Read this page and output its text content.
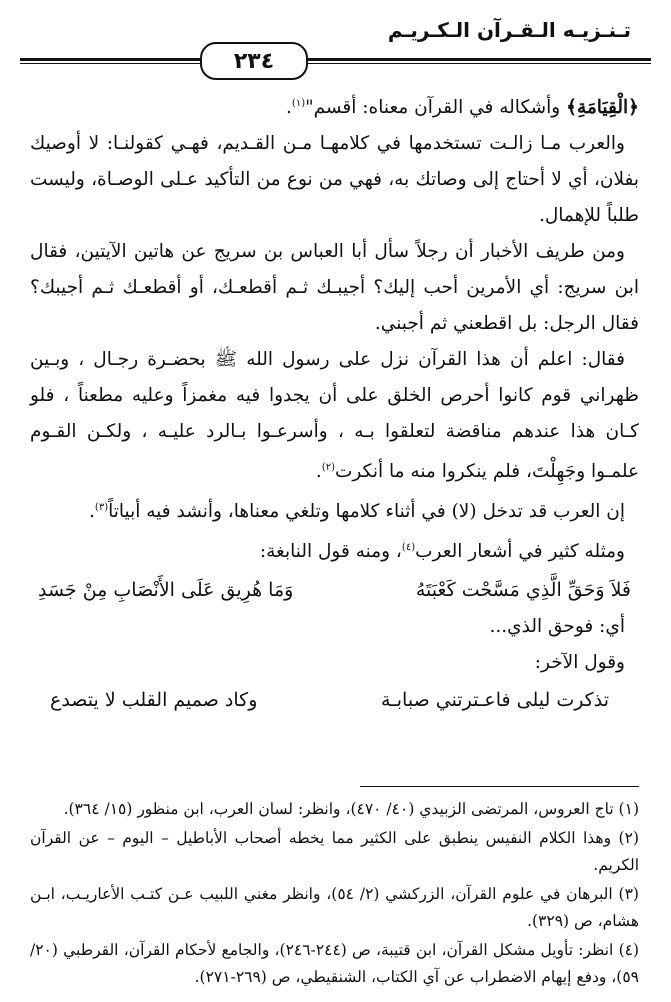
تـنـزيـه الـقـرآن الـكـريـم
٢٣٤

﴿الْقِيَامَةِ﴾ وأشكاله في القرآن معناه: أقسم"$^{(١)}$.

والعرب مـا زالـت تستخدمها في كلامهـا مـن القـديم، فهـي كقولنـا: لا أوصيك بفلان، أي لا أحتاج إلى وصاتك به، فهي من نوع من التأكيد عـلى الوصـاة، وليست طلباً للإهمال.

ومن طريف الأخبار أن رجلاً سأل أبا العباس بن سريج عن هاتين الآيتين، فقال ابن سريج: أي الأمرين أحب إليك؟ أجيبـك ثـم أقطعـك، أو أقطعـك ثـم أجيبك؟ فقال الرجل: بل اقطعني ثم أجبني.

فقال: اعلم أن هذا القرآن نزل على رسول الله ﷺ بحضـرة رجـال ، وبـين ظهراني قوم كانوا أحرص الخلق على أن يجدوا فيه مغمزاً وعليه مطعناً ، فلو كـان هذا عندهم مناقضة لتعلقوا بـه ، وأسرعـوا بـالرد عليـه ، ولكـن القـوم علمـوا وجَهِلْتَ، فلم ينكروا منه ما أنكرت$^{(٢)}$.

إن العرب قد تدخل (لا) في أثناء كلامها وتلغي معناها، وأنشد فيه أبياتاً$^{(٣)}$.

ومثله كثير في أشعار العرب$^{(٤)}$، ومنه قول النابغة:

فَلاَ وَحَقِّ الَّذِي مَسَّحْت كَعْبَتَهُ
وَمَا هُرِيق عَلَى الأَنْصَابِ مِنْ جَسَدِ

أي: فوحق الذي...

وقول الآخر:

تذكرت ليلى فاعـترتني صبابـة
وكاد صميم القلب لا يتصدع

(١) تاج العروس، المرتضى الزبيدي (٤٠/ ٤٧٠)، وانظر: لسان العرب، ابن منظور (١٥/ ٣٦٤).

(٢) وهذا الكلام النفيس ينطبق على الكثير مما يخطه أصحاب الأباطيل – اليوم – عن القرآن الكريم.

(٣) البرهان في علوم القرآن، الزركشي (٢/ ٥٤)، وانظر مغني اللبيب عـن كتـب الأعاريـب، ابـن هشام، ص (٣٢٩).

(٤) انظر: تأويل مشكل القرآن، ابن قتيبة، ص (٢٤٤-٢٤٦)، والجامع لأحكام القرآن، القرطبي (٢٠/ ٥٩)، ودفع إيهام الاضطراب عن آي الكتاب، الشنقيطي، ص (٢٦٩-٢٧١).
